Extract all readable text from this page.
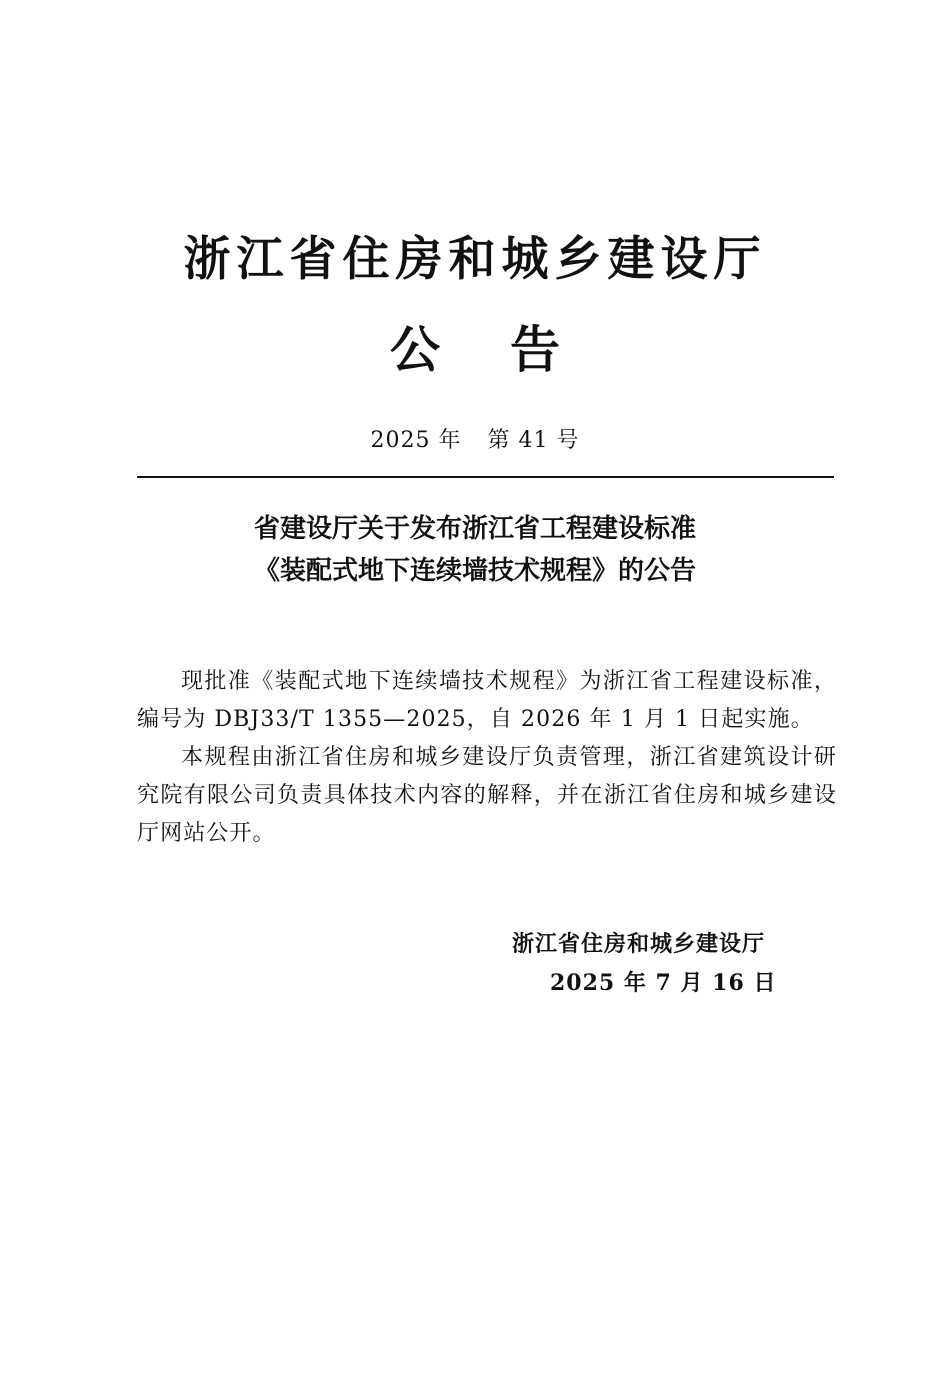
浙江省住房和城乡建设厅
公 告
2025 年 第 41 号
省建设厅关于发布浙江省工程建设标准
《装配式地下连续墙技术规程》的公告

现批准《装配式地下连续墙技术规程》为浙江省工程建设标准，编号为 DBJ33/T 1355—2025，自 2026 年 1 月 1 日起实施。

本规程由浙江省住房和城乡建设厅负责管理，浙江省建筑设计研究院有限公司负责具体技术内容的解释，并在浙江省住房和城乡建设厅网站公开。

浙江省住房和城乡建设厅
2025 年 7 月 16 日
